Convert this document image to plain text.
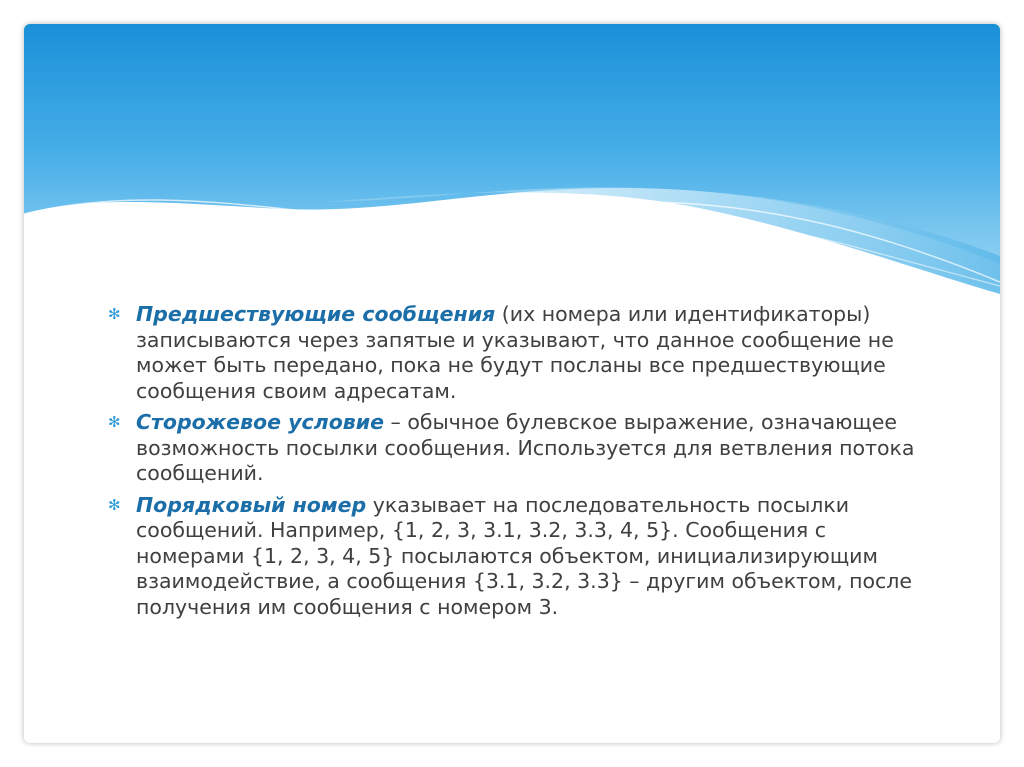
✻ Предшествующие сообщения (их номера или идентификаторы) записываются через запятые и указывают, что данное сообщение не может быть передано, пока не будут посланы все предшествующие сообщения своим адресатам.
✻ Сторожевое условие – обычное булевское выражение, означающее возможность посылки сообщения. Используется для ветвления потока сообщений.
✻ Порядковый номер указывает на последовательность посылки сообщений. Например, {1, 2, 3, 3.1, 3.2, 3.3, 4, 5}. Сообщения с номерами {1, 2, 3, 4, 5} посылаются объектом, инициализирующим взаимодействие, а сообщения {3.1, 3.2, 3.3} – другим объектом, после получения им сообщения с номером 3.
